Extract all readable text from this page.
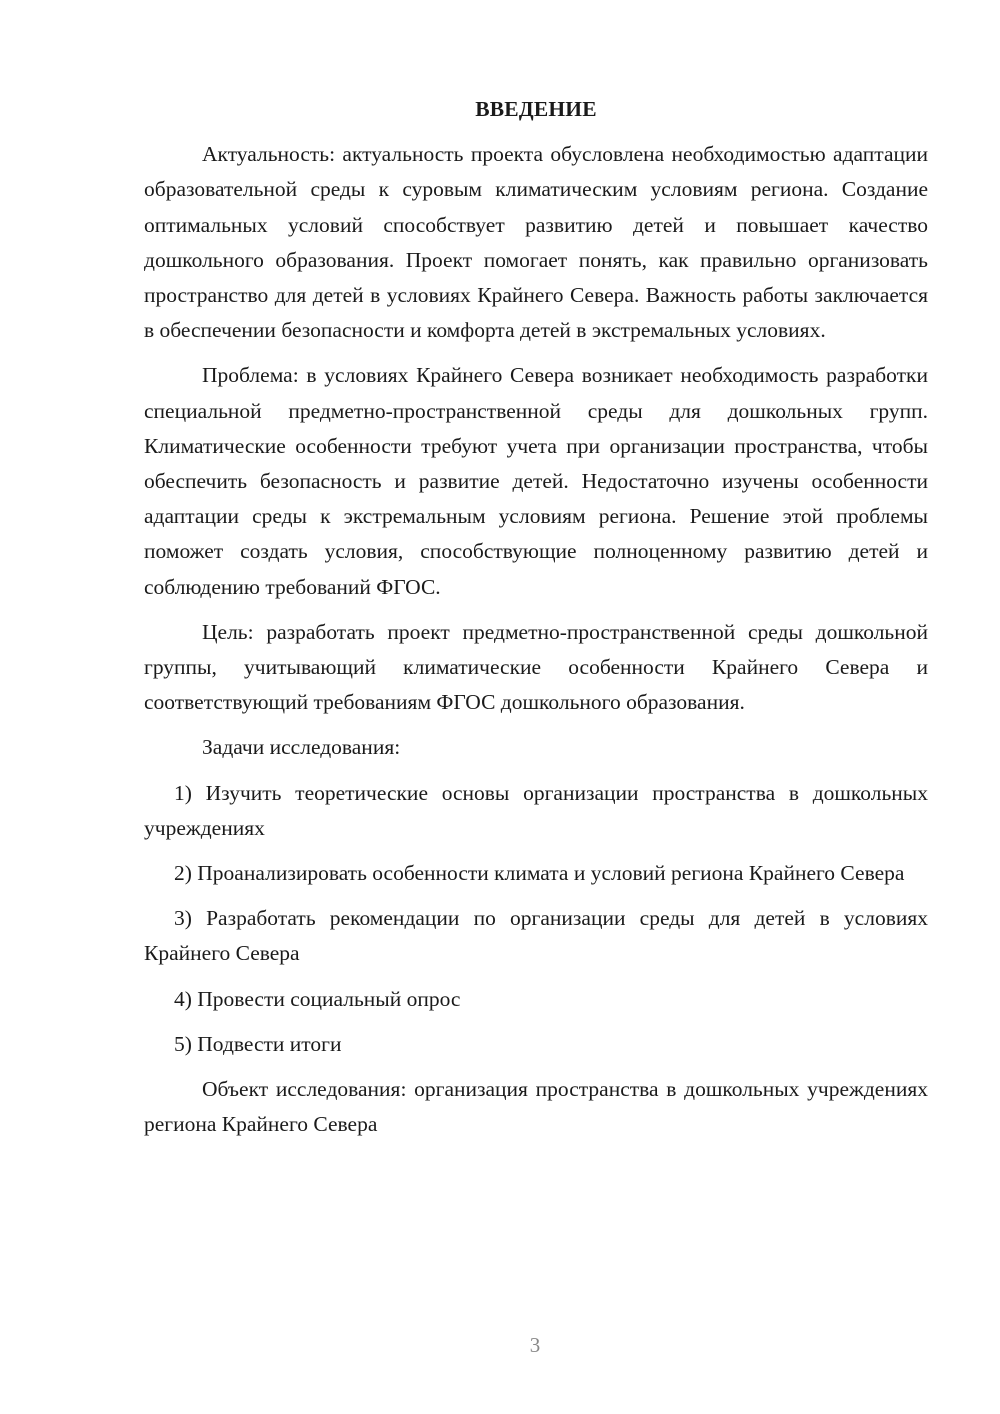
ВВЕДЕНИЕ

Актуальность: актуальность проекта обусловлена необходимостью адаптации образовательной среды к суровым климатическим условиям региона. Создание оптимальных условий способствует развитию детей и повышает качество дошкольного образования. Проект помогает понять, как правильно организовать пространство для детей в условиях Крайнего Севера. Важность работы заключается в обеспечении безопасности и комфорта детей в экстремальных условиях.

Проблема: в условиях Крайнего Севера возникает необходимость разработки специальной предметно-пространственной среды для дошкольных групп. Климатические особенности требуют учета при организации пространства, чтобы обеспечить безопасность и развитие детей. Недостаточно изучены особенности адаптации среды к экстремальным условиям региона. Решение этой проблемы поможет создать условия, способствующие полноценному развитию детей и соблюдению требований ФГОС.

Цель: разработать проект предметно-пространственной среды дошкольной группы, учитывающий климатические особенности Крайнего Севера и соответствующий требованиям ФГОС дошкольного образования.

Задачи исследования:

1) Изучить теоретические основы организации пространства в дошкольных учреждениях

2) Проанализировать особенности климата и условий региона Крайнего Севера

3) Разработать рекомендации по организации среды для детей в условиях Крайнего Севера

4) Провести социальный опрос

5) Подвести итоги

Объект исследования: организация пространства в дошкольных учреждениях региона Крайнего Севера

3
